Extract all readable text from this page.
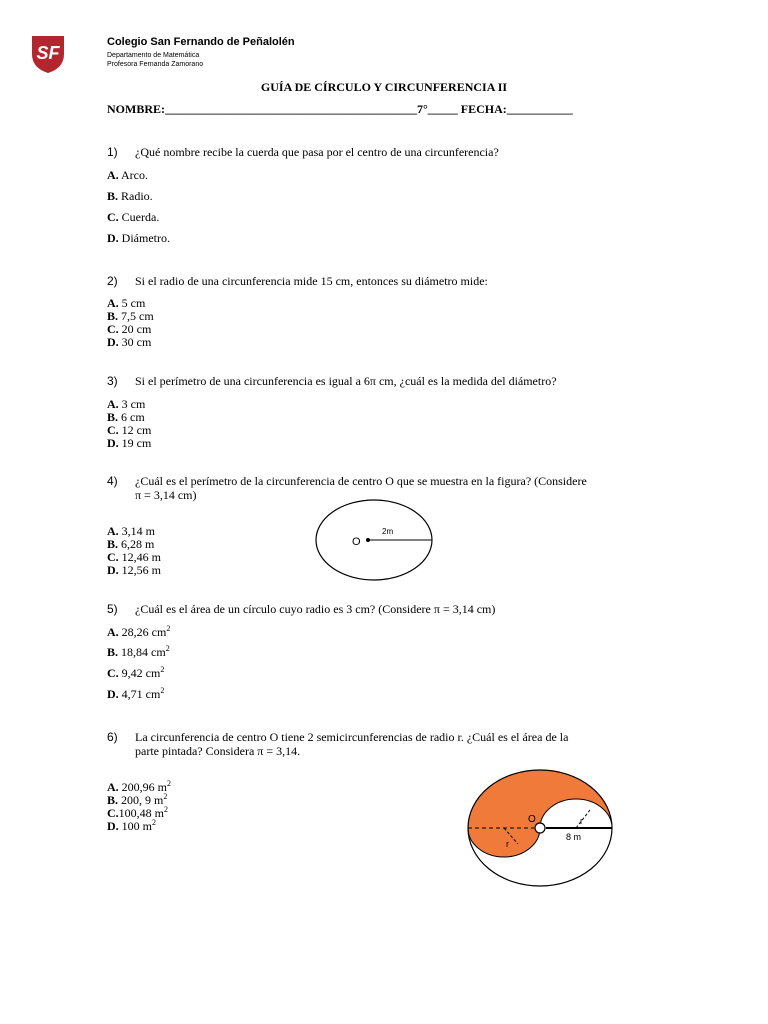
SF
Colegio San Fernando de Peñalolén
Departamento de Matemática
Profesora Fernanda Zamorano
GUÍA DE CÍRCULO Y CIRCUNFERENCIA II
NOMBRE:__________________________________________7°_____ FECHA:___________
1) ¿Qué nombre recibe la cuerda que pasa por el centro de una circunferencia?
A. Arco.
B. Radio.
C. Cuerda.
D. Diámetro.
2) Si el radio de una circunferencia mide 15 cm, entonces su diámetro mide:
A. 5 cm
B. 7,5 cm
C. 20 cm
D. 30 cm
3) Si el perímetro de una circunferencia es igual a 6π cm, ¿cuál es la medida del diámetro?
A. 3 cm
B. 6 cm
C. 12 cm
D. 19 cm
4) ¿Cuál es el perímetro de la circunferencia de centro O que se muestra en la figura? (Considere
π = 3,14 cm)
A. 3,14 m
B. 6,28 m
C. 12,46 m
D. 12,56 m
O
2m
5) ¿Cuál es el área de un círculo cuyo radio es 3 cm? (Considere π = 3,14 cm)
A. 28,26 $cm^2$
B. 18,84 $cm^2$
C. 9,42 $cm^2$
D. 4,71 $cm^2$
6) La circunferencia de centro O tiene 2 semicircunferencias de radio r. ¿Cuál es el área de la
parte pintada? Considera π = 3,14.
A. 200,96 $m^2$
B. 200, 9 $m^2$
C.100,48 $m^2$
D. 100 $m^2$	O	r
r
8 m
